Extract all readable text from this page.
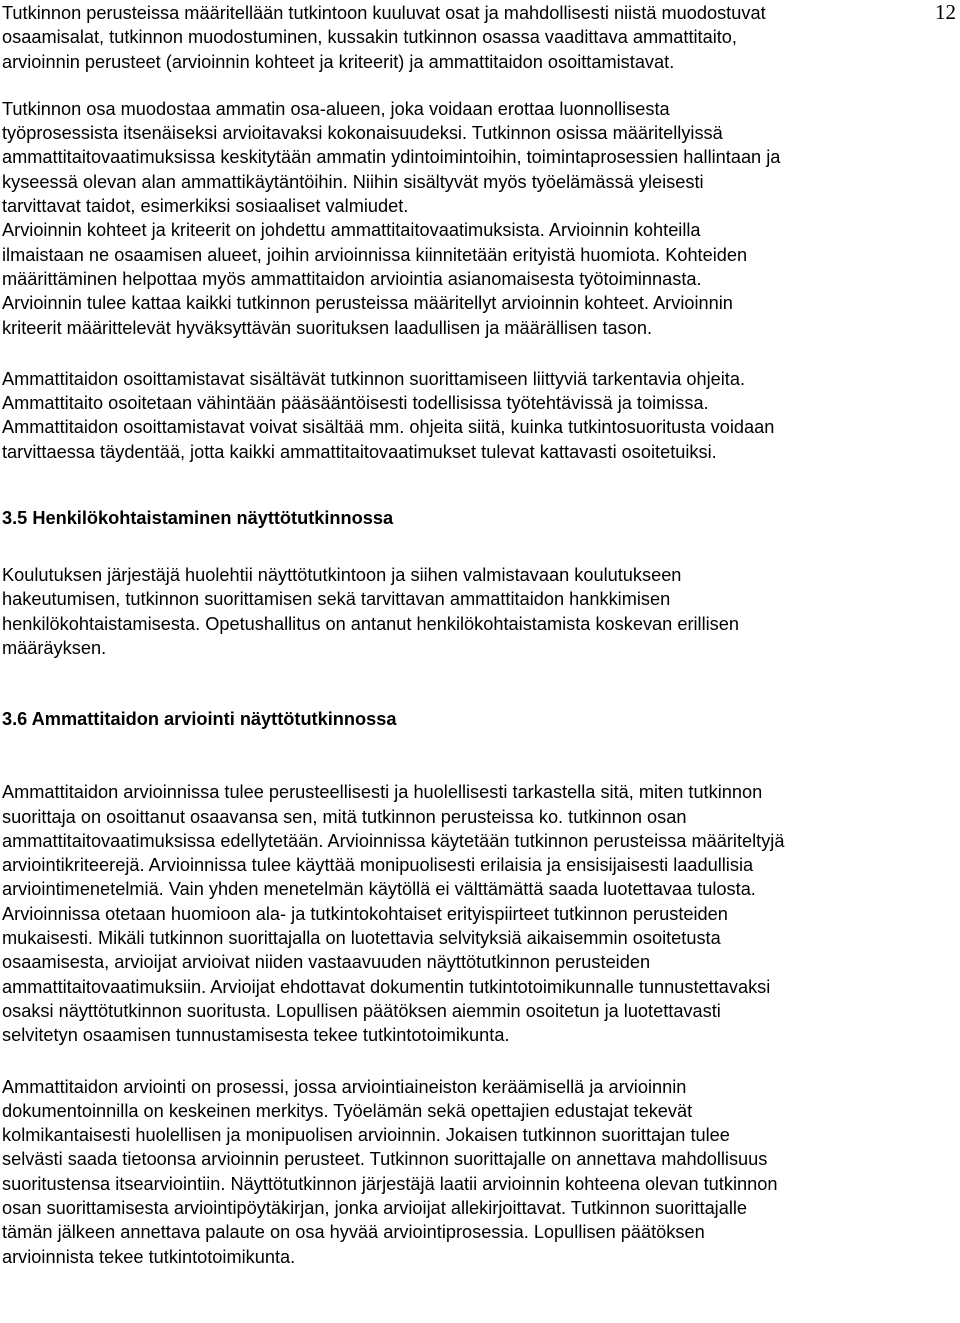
12

Tutkinnon perusteissa määritellään tutkintoon kuuluvat osat ja mahdollisesti niistä muodostuvat
osaamisalat, tutkinnon muodostuminen, kussakin tutkinnon osassa vaadittava ammattitaito,
arvioinnin perusteet (arvioinnin kohteet ja kriteerit) ja ammattitaidon osoittamistavat.

Tutkinnon osa muodostaa ammatin osa-alueen, joka voidaan erottaa luonnollisesta
työprosessista itsenäiseksi arvioitavaksi kokonaisuudeksi. Tutkinnon osissa määritellyissä
ammattitaitovaatimuksissa keskitytään ammatin ydintoimintoihin, toimintaprosessien hallintaan ja
kyseessä olevan alan ammattikäytäntöihin. Niihin sisältyvät myös työelämässä yleisesti
tarvittavat taidot, esimerkiksi sosiaaliset valmiudet.
Arvioinnin kohteet ja kriteerit on johdettu ammattitaitovaatimuksista. Arvioinnin kohteilla
ilmaistaan ne osaamisen alueet, joihin arvioinnissa kiinnitetään erityistä huomiota. Kohteiden
määrittäminen helpottaa myös ammattitaidon arviointia asianomaisesta työtoiminnasta.
Arvioinnin tulee kattaa kaikki tutkinnon perusteissa määritellyt arvioinnin kohteet. Arvioinnin
kriteerit määrittelevät hyväksyttävän suorituksen laadullisen ja määrällisen tason.

Ammattitaidon osoittamistavat sisältävät tutkinnon suorittamiseen liittyviä tarkentavia ohjeita.
Ammattitaito osoitetaan vähintään pääsääntöisesti todellisissa työtehtävissä ja toimissa.
Ammattitaidon osoittamistavat voivat sisältää mm. ohjeita siitä, kuinka tutkintosuoritusta voidaan
tarvittaessa täydentää, jotta kaikki ammattitaitovaatimukset tulevat kattavasti osoitetuiksi.

3.5 Henkilökohtaistaminen näyttötutkinnossa

Koulutuksen järjestäjä huolehtii näyttötutkintoon ja siihen valmistavaan koulutukseen
hakeutumisen, tutkinnon suorittamisen sekä tarvittavan ammattitaidon hankkimisen
henkilökohtaistamisesta. Opetushallitus on antanut henkilökohtaistamista koskevan erillisen
määräyksen.

3.6 Ammattitaidon arviointi näyttötutkinnossa

Ammattitaidon arvioinnissa tulee perusteellisesti ja huolellisesti tarkastella sitä, miten tutkinnon
suorittaja on osoittanut osaavansa sen, mitä tutkinnon perusteissa ko. tutkinnon osan
ammattitaitovaatimuksissa edellytetään. Arvioinnissa käytetään tutkinnon perusteissa määriteltyjä
arviointikriteerejä. Arvioinnissa tulee käyttää monipuolisesti erilaisia ja ensisijaisesti laadullisia
arviointimenetelmiä. Vain yhden menetelmän käytöllä ei välttämättä saada luotettavaa tulosta.
Arvioinnissa otetaan huomioon ala- ja tutkintokohtaiset erityispiirteet tutkinnon perusteiden
mukaisesti. Mikäli tutkinnon suorittajalla on luotettavia selvityksiä aikaisemmin osoitetusta
osaamisesta, arvioijat arvioivat niiden vastaavuuden näyttötutkinnon perusteiden
ammattitaitovaatimuksiin. Arvioijat ehdottavat dokumentin tutkintotoimikunnalle tunnustettavaksi
osaksi näyttötutkinnon suoritusta. Lopullisen päätöksen aiemmin osoitetun ja luotettavasti
selvitetyn osaamisen tunnustamisesta tekee tutkintotoimikunta.

Ammattitaidon arviointi on prosessi, jossa arviointiaineiston keräämisellä ja arvioinnin
dokumentoinnilla on keskeinen merkitys. Työelämän sekä opettajien edustajat tekevät
kolmikantaisesti huolellisen ja monipuolisen arvioinnin. Jokaisen tutkinnon suorittajan tulee
selvästi saada tietoonsa arvioinnin perusteet. Tutkinnon suorittajalle on annettava mahdollisuus
suoritustensa itsearviointiin. Näyttötutkinnon järjestäjä laatii arvioinnin kohteena olevan tutkinnon
osan suorittamisesta arviointipöytäkirjan, jonka arvioijat allekirjoittavat. Tutkinnon suorittajalle
tämän jälkeen annettava palaute on osa hyvää arviointiprosessia. Lopullisen päätöksen
arvioinnista tekee tutkintotoimikunta.
